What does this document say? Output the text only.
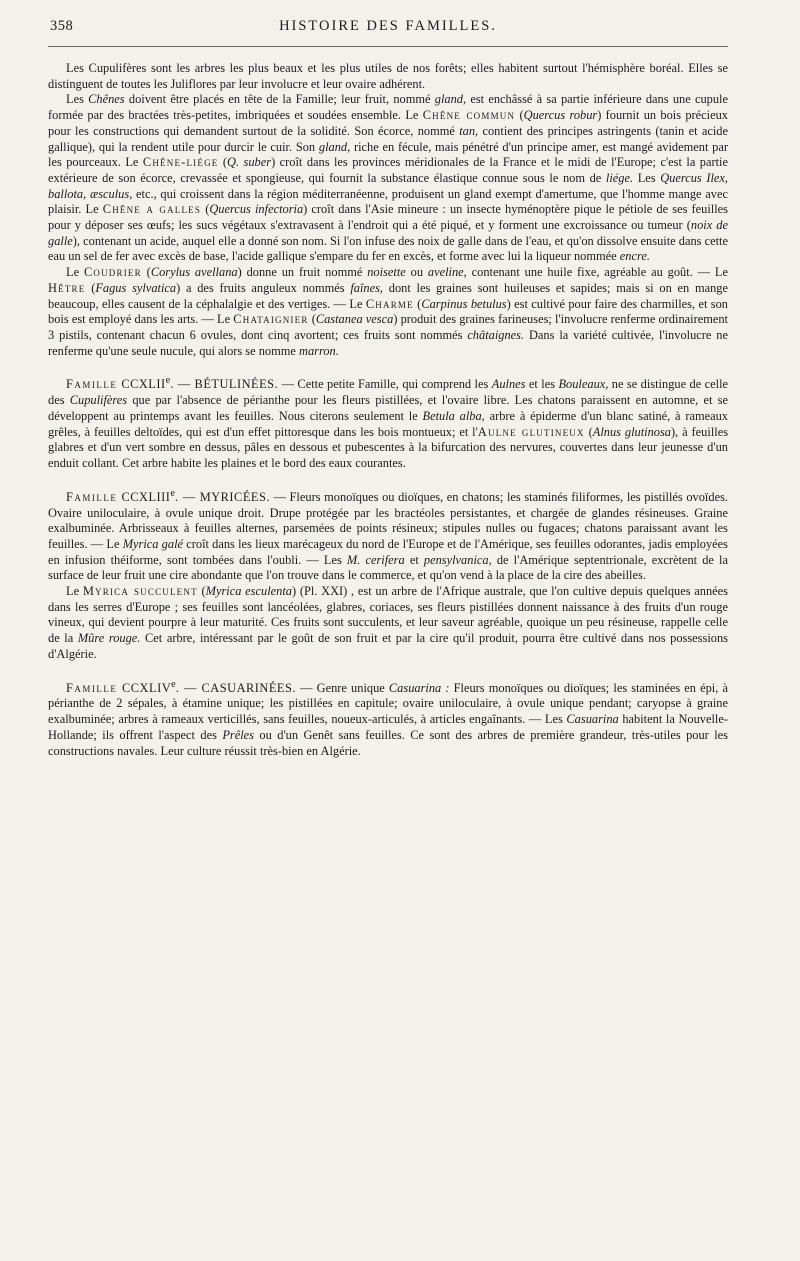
358	HISTOIRE DES FAMILLES.

Les Cupulifères sont les arbres les plus beaux et les plus utiles de nos forêts; elles habitent surtout l'hémisphère boréal. Elles se distinguent de toutes les Juliflores par leur involucre et leur ovaire adhérent.

Les Chênes doivent être placés en tête de la Famille; leur fruit, nommé gland, est enchâssé à sa partie inférieure dans une cupule formée par des bractées très-petites, imbriquées et soudées ensemble. Le Chêne commun (Quercus robur) fournit un bois précieux pour les constructions qui demandent surtout de la solidité. Son écorce, nommé tan, contient des principes astringents (tanin et acide gallique), qui la rendent utile pour durcir le cuir. Son gland, riche en fécule, mais pénétré d'un principe amer, est mangé avidement par les pourceaux. Le Chêne-liége (Q. suber) croît dans les provinces méridionales de la France et le midi de l'Europe; c'est la partie extérieure de son écorce, crevassée et spongieuse, qui fournit la substance élastique connue sous le nom de liége. Les Quercus Ilex, ballota, æsculus, etc., qui croissent dans la région méditerranéenne, produisent un gland exempt d'amertume, que l'homme mange avec plaisir. Le Chêne a galles (Quercus infectoria) croît dans l'Asie mineure : un insecte hyménoptère pique le pétiole de ses feuilles pour y déposer ses œufs; les sucs végétaux s'extravasent à l'endroit qui a été piqué, et y forment une excroissance ou tumeur (noix de galle), contenant un acide, auquel elle a donné son nom. Si l'on infuse des noix de galle dans de l'eau, et qu'on dissolve ensuite dans cette eau un sel de fer avec excès de base, l'acide gallique s'empare du fer en excès, et forme avec lui la liqueur nommée encre.

Le Coudrier (Corylus avellana) donne un fruit nommé noisette ou aveline, contenant une huile fixe, agréable au goût. — Le Hêtre (Fagus sylvatica) a des fruits anguleux nommés faînes, dont les graines sont huileuses et sapides; mais si on en mange beaucoup, elles causent de la céphalalgie et des vertiges. — Le Charme (Carpinus betulus) est cultivé pour faire des charmilles, et son bois est employé dans les arts. — Le Chataignier (Castanea vesca) produit des graines farineuses; l'involucre renferme ordinairement 3 pistils, contenant chacun 6 ovules, dont cinq avortent; ces fruits sont nommés châtaignes. Dans la variété cultivée, l'involucre ne renferme qu'une seule nucule, qui alors se nomme marron.

Famille CCXLIIe. — BÉTULINÉES. — Cette petite Famille, qui comprend les Aulnes et les Bouleaux, ne se distingue de celle des Cupulifères que par l'absence de périanthe pour les fleurs pistillées, et l'ovaire libre. Les chatons paraissent en automne, et se développent au printemps avant les feuilles. Nous citerons seulement le Betula alba, arbre à épiderme d'un blanc satiné, à rameaux grêles, à feuilles deltoïdes, qui est d'un effet pittoresque dans les bois montueux; et l'Aulne glutineux (Alnus glutinosa), à feuilles glabres et d'un vert sombre en dessus, pâles en dessous et pubescentes à la bifurcation des nervures, couvertes dans leur jeunesse d'un enduit collant. Cet arbre habite les plaines et le bord des eaux courantes.

Famille CCXLIIIe. — MYRICÉES. — Fleurs monoïques ou dioïques, en chatons; les staminés filiformes, les pistillés ovoïdes. Ovaire uniloculaire, à ovule unique droit. Drupe protégée par les bractéoles persistantes, et chargée de glandes résineuses. Graine exalbuminée. Arbrisseaux à feuilles alternes, parsemées de points résineux; stipules nulles ou fugaces; chatons paraissant avant les feuilles. — Le Myrica galé croît dans les lieux marécageux du nord de l'Europe et de l'Amérique, ses feuilles odorantes, jadis employées en infusion théiforme, sont tombées dans l'oubli. — Les M. cerifera et pensylvanica, de l'Amérique septentrionale, excrètent de la surface de leur fruit une cire abondante que l'on trouve dans le commerce, et qu'on vend à la place de la cire des abeilles.

Le Myrica succulent (Myrica esculenta) (Pl. XXI) , est un arbre de l'Afrique australe, que l'on cultive depuis quelques années dans les serres d'Europe ; ses feuilles sont lancéolées, glabres, coriaces, ses fleurs pistillées donnent naissance à des fruits d'un rouge vineux, qui devient pourpre à leur maturité. Ces fruits sont succulents, et leur saveur agréable, quoique un peu résineuse, rappelle celle de la Mûre rouge. Cet arbre, intéressant par le goût de son fruit et par la cire qu'il produit, pourra être cultivé dans nos possessions d'Algérie.

Famille CCXLIVe. — CASUARINÉES. — Genre unique Casuarina : Fleurs monoïques ou dioïques; les staminées en épi, à périanthe de 2 sépales, à étamine unique; les pistillées en capitule; ovaire uniloculaire, à ovule unique pendant; caryopse à graine exalbuminée; arbres à rameaux verticillés, sans feuilles, noueux-articulés, à articles engaînants. — Les Casuarina habitent la Nouvelle-Hollande; ils offrent l'aspect des Prêles ou d'un Genêt sans feuilles. Ce sont des arbres de première grandeur, très-utiles pour les constructions navales. Leur culture réussit très-bien en Algérie.
